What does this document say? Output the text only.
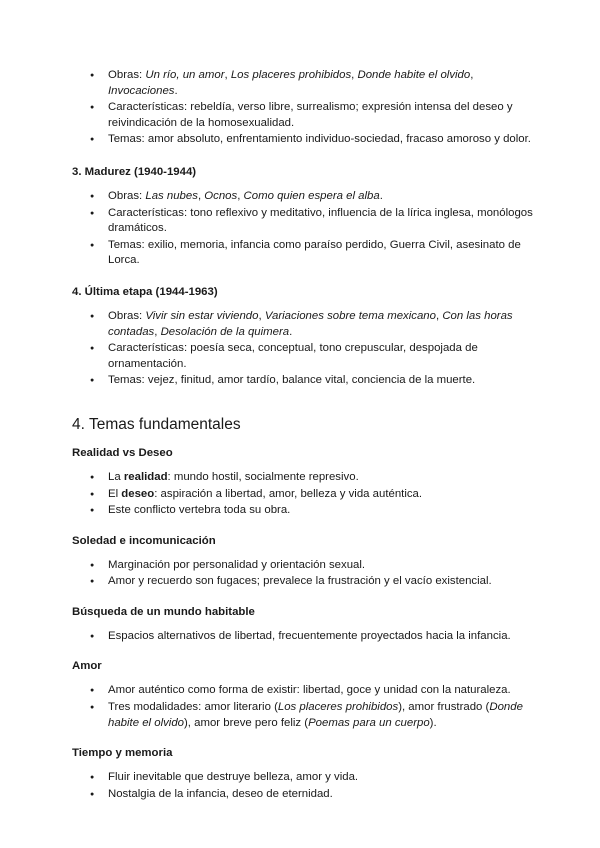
● Obras: Un río, un amor, Los placeres prohibidos, Donde habite el olvido,
Invocaciones.
● Características: rebeldía, verso libre, surrealismo; expresión intensa del deseo y reivindicación de la homosexualidad.
● Temas: amor absoluto, enfrentamiento individuo-sociedad, fracaso amoroso y dolor.
3. Madurez (1940-1944)
● Obras: Las nubes, Ocnos, Como quien espera el alba.
● Características: tono reflexivo y meditativo, influencia de la lírica inglesa, monólogos dramáticos.
● Temas: exilio, memoria, infancia como paraíso perdido, Guerra Civil, asesinato de Lorca.
4. Última etapa (1944-1963)
● Obras: Vivir sin estar viviendo, Variaciones sobre tema mexicano, Con las horas contadas, Desolación de la quimera.
● Características: poesía seca, conceptual, tono crepuscular, despojada de ornamentación.
● Temas: vejez, finitud, amor tardío, balance vital, conciencia de la muerte.
4. Temas fundamentales
Realidad vs Deseo
● La realidad: mundo hostil, socialmente represivo.
● El deseo: aspiración a libertad, amor, belleza y vida auténtica.
● Este conflicto vertebra toda su obra.
Soledad e incomunicación
● Marginación por personalidad y orientación sexual.
● Amor y recuerdo son fugaces; prevalece la frustración y el vacío existencial.
Búsqueda de un mundo habitable
● Espacios alternativos de libertad, frecuentemente proyectados hacia la infancia.
Amor
● Amor auténtico como forma de existir: libertad, goce y unidad con la naturaleza.
● Tres modalidades: amor literario (Los placeres prohibidos), amor frustrado (Donde habite el olvido), amor breve pero feliz (Poemas para un cuerpo).
Tiempo y memoria
● Fluir inevitable que destruye belleza, amor y vida.
● Nostalgia de la infancia, deseo de eternidad.
